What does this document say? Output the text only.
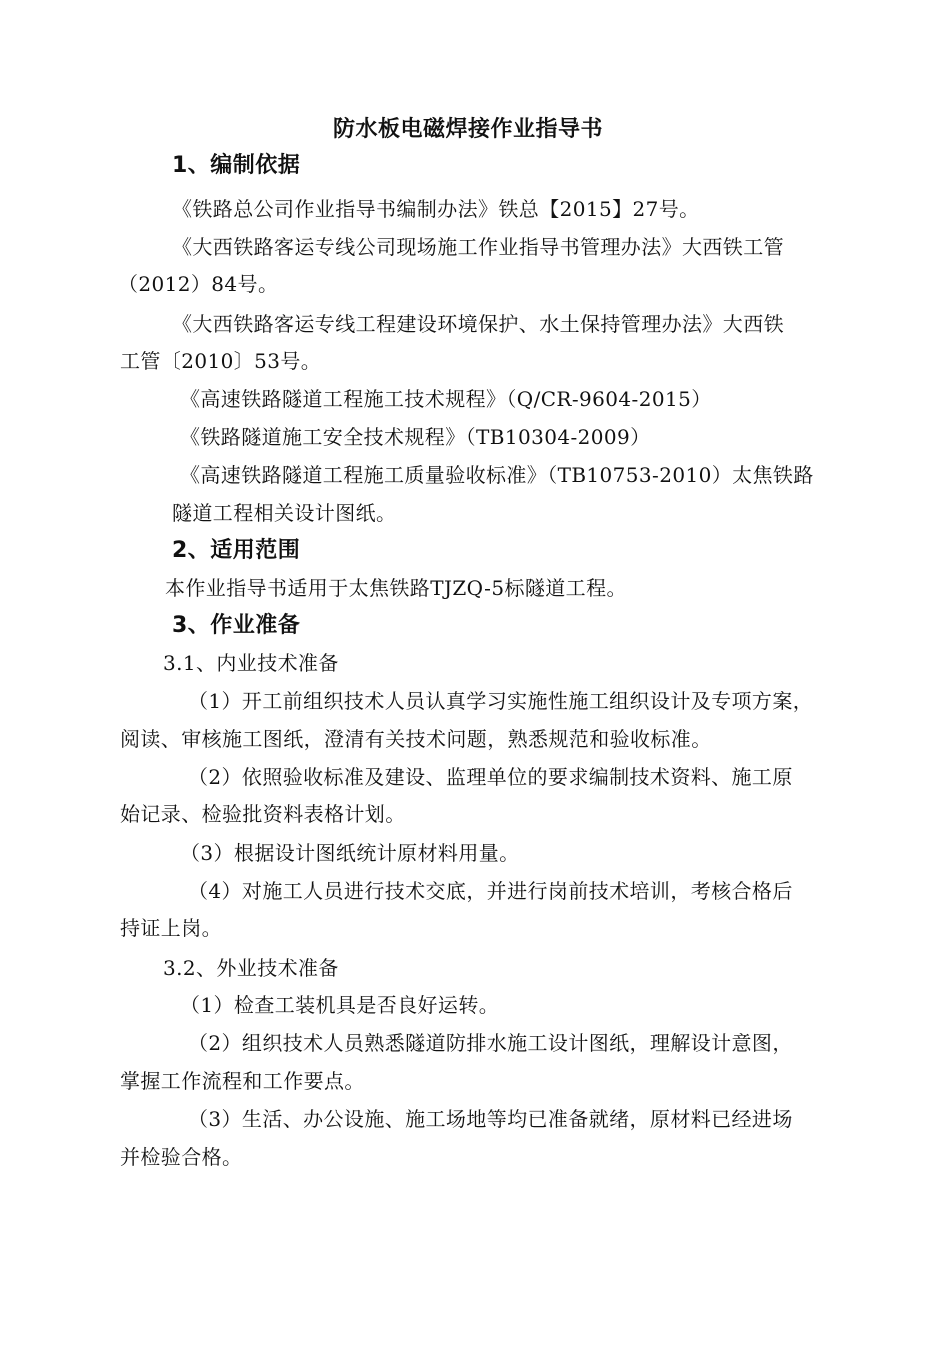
防水板电磁焊接作业指导书
1、编制依据
《铁路总公司作业指导书编制办法》铁总【2015】27号。
《大西铁路客运专线公司现场施工作业指导书管理办法》大西铁工管
（2012）84号。
《大西铁路客运专线工程建设环境保护、水土保持管理办法》大西铁
工管〔2010〕53号。
《高速铁路隧道工程施工技术规程》（Q/CR-9604-2015）
《铁路隧道施工安全技术规程》（TB10304-2009）
《高速铁路隧道工程施工质量验收标准》（TB10753-2010）太焦铁路
隧道工程相关设计图纸。
2、适用范围
本作业指导书适用于太焦铁路TJZQ-5标隧道工程。
3、作业准备
3.1、内业技术准备
（1）开工前组织技术人员认真学习实施性施工组织设计及专项方案，
阅读、审核施工图纸，澄清有关技术问题，熟悉规范和验收标准。
（2）依照验收标准及建设、监理单位的要求编制技术资料、施工原
始记录、检验批资料表格计划。
（3）根据设计图纸统计原材料用量。
（4）对施工人员进行技术交底，并进行岗前技术培训，考核合格后
持证上岗。
3.2、外业技术准备
（1）检查工装机具是否良好运转。
（2）组织技术人员熟悉隧道防排水施工设计图纸，理解设计意图，
掌握工作流程和工作要点。
（3）生活、办公设施、施工场地等均已准备就绪，原材料已经进场
并检验合格。
